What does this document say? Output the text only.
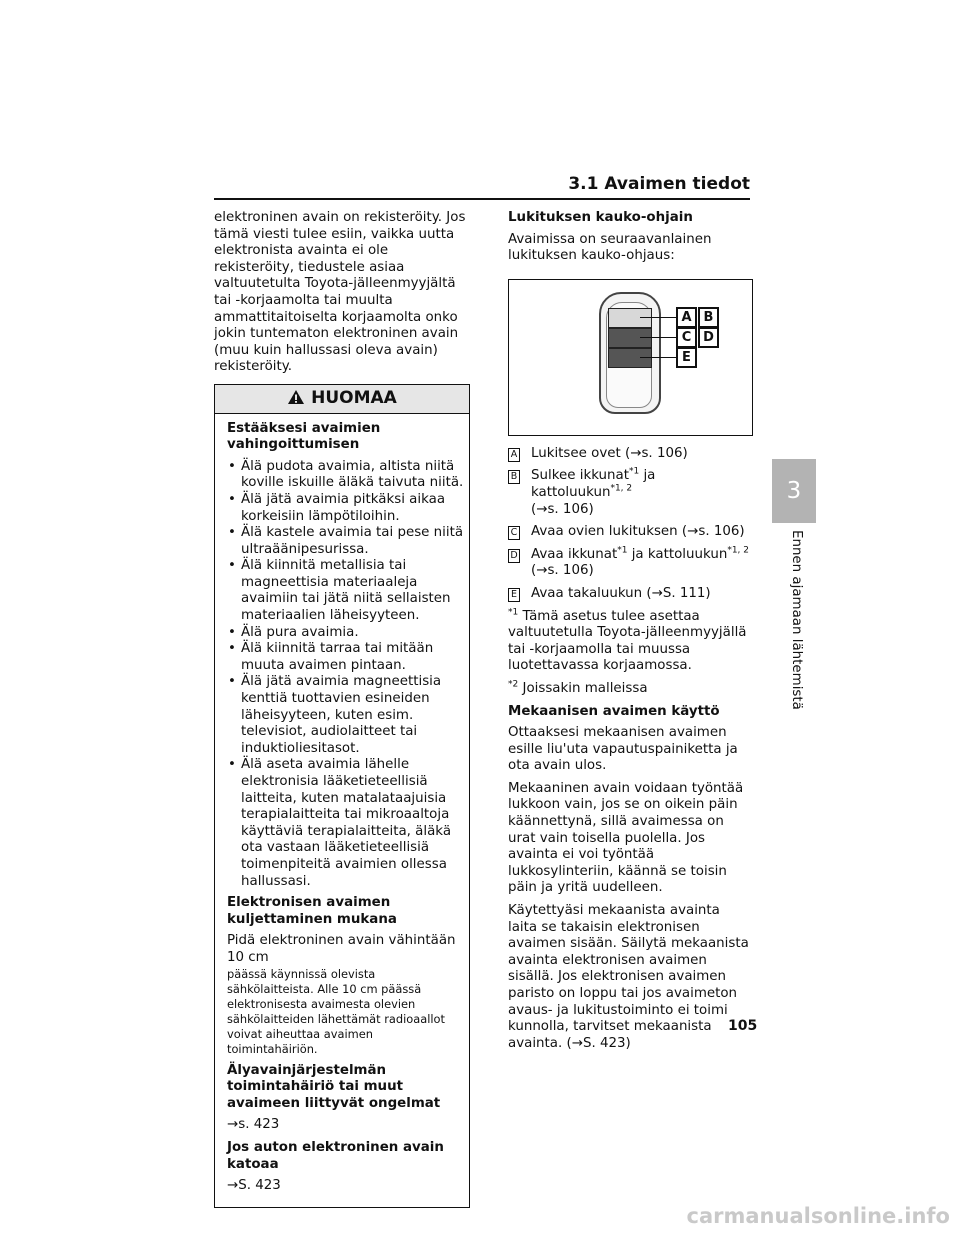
3.1 Avaimen tiedot

elektroninen avain on rekisteröity. Jos tämä viesti tulee esiin, vaikka uutta elektronista avainta ei ole rekisteröity, tiedustele asiaa valtuutetulta Toyota-jälleenmyyjältä tai -korjaamolta tai muulta ammattitaitoiselta korjaamolta onko jokin tuntematon elektroninen avain (muu kuin hallussasi oleva avain) rekisteröity.

HUOMAA
Estääksesi avaimien vahingoittumisen
• Älä pudota avaimia, altista niitä koville iskuille äläkä taivuta niitä.
• Älä jätä avaimia pitkäksi aikaa korkeisiin lämpötiloihin.
• Älä kastele avaimia tai pese niitä ultraäänipesurissa.
• Älä kiinnitä metallisia tai magneettisia materiaaleja avaimiin tai jätä niitä sellaisten materiaalien läheisyyteen.
• Älä pura avaimia.
• Älä kiinnitä tarraa tai mitään muuta avaimen pintaan.
• Älä jätä avaimia magneettisia kenttiä tuottavien esineiden läheisyyteen, kuten esim. televisiot, audiolaitteet tai induktioliesitasot.
• Älä aseta avaimia lähelle elektronisia lääketieteellisiä laitteita, kuten matalataajuisia terapialaitteita tai mikroaaltoja käyttäviä terapialaitteita, äläkä ota vastaan lääketieteellisiä toimenpiteitä avaimien ollessa hallussasi.
Elektronisen avaimen kuljettaminen mukana
Pidä elektroninen avain vähintään 10 cm
päässä käynnissä olevista sähkölaitteista. Alle 10 cm päässä elektronisesta avaimesta olevien sähkölaitteiden lähettämät radioaallot voivat aiheuttaa avaimen toimintahäiriön.
Älyavainjärjestelmän toimintahäiriö tai muut avaimeen liittyvät ongelmat

→s. 423

Jos auton elektroninen avain katoaa

→S. 423

Lukituksen kauko-ohjain

Avaimissa on seuraavanlainen lukituksen kauko-ohjaus:

A B
C D
E
A Lukitsee ovet (→s. 106)
B Sulkee ikkunat$^{*1}$ ja kattoluukun$^{*1, 2}$
(→s. 106)
C Avaa ovien lukituksen (→s. 106)
D Avaa ikkunat$^{*1}$ ja kattoluukun$^{*1, 2}$
(→s. 106)
E Avaa takaluukun (→S. 111)

$^{*1}$ Tämä asetus tulee asettaa valtuutetulla Toyota-jälleenmyyjällä tai -korjaamolla tai muussa luotettavassa korjaamossa.

$^{*2}$ Joissakin malleissa

Mekaanisen avaimen käyttö

Ottaaksesi mekaanisen avaimen esille liu'uta vapautuspainiketta ja ota avain ulos.

Mekaaninen avain voidaan työntää lukkoon vain, jos se on oikein päin käännettynä, sillä avaimessa on urat vain toisella puolella. Jos avainta ei voi työntää lukkosylinteriin, käännä se toisin päin ja yritä uudelleen.

Käytettyäsi mekaanista avainta laita se takaisin elektronisen avaimen sisään. Säilytä mekaanista avainta elektronisen avaimen sisällä. Jos elektronisen avaimen paristo on loppu tai jos avaimeton avaus- ja lukitustoiminto ei toimi kunnolla, tarvitset mekaanista avainta. (→S. 423)

3
Ennen ajamaan lähtemistä
105
carmanualsonline.info
